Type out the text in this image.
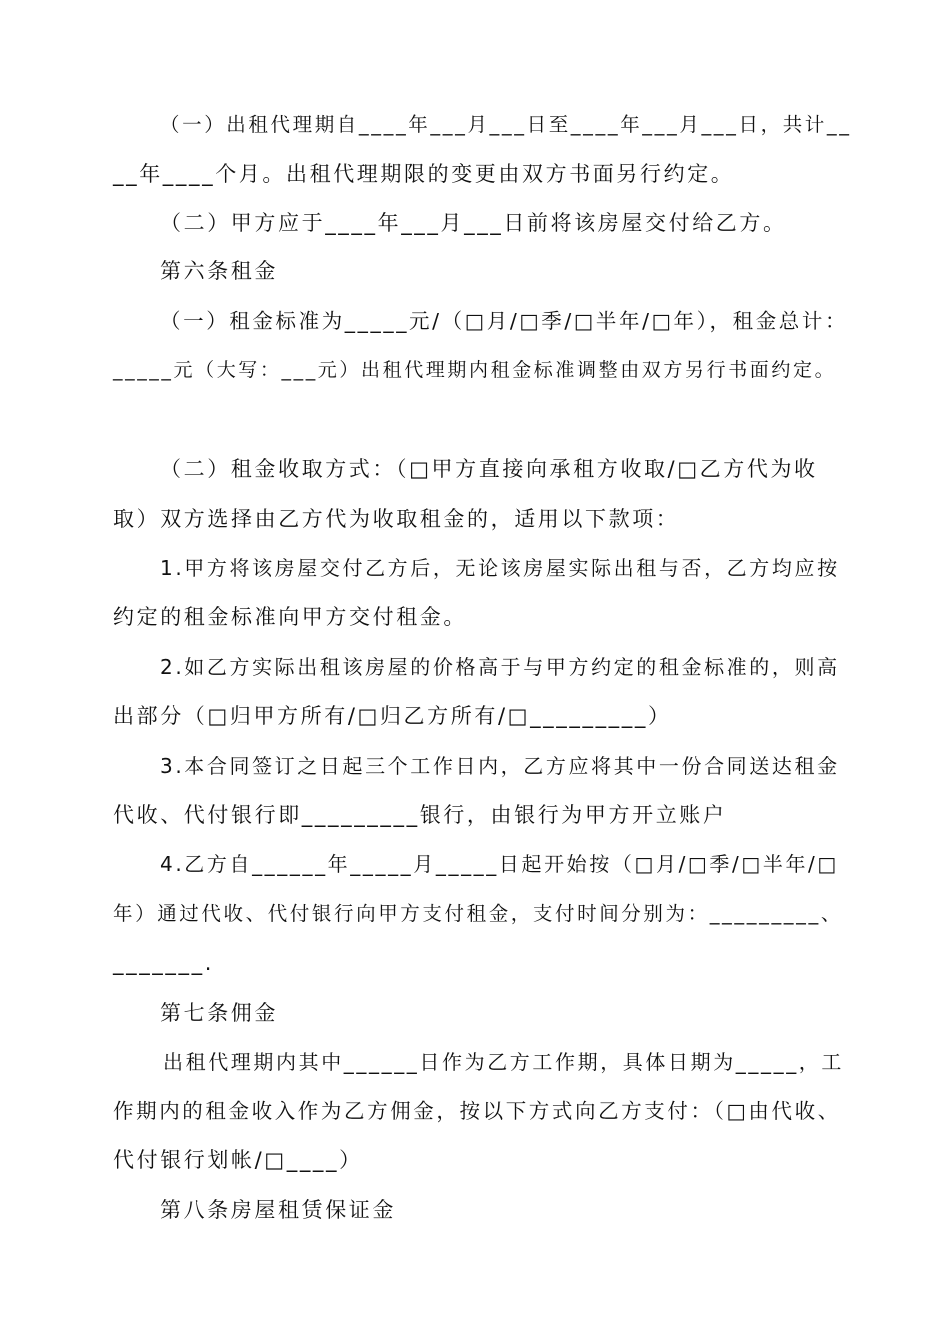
（一）出租代理期自____年___月___日至____年___月___日，共计__
__年____个月。出租代理期限的变更由双方书面另行约定。
（二）甲方应于____年___月___日前将该房屋交付给乙方。
第六条租金
（一）租金标准为_____元/（□月/□季/□半年/□年），租金总计：
_____元（大写：___元）出租代理期内租金标准调整由双方另行书面约定。
（二）租金收取方式：（□甲方直接向承租方收取/□乙方代为收
取）双方选择由乙方代为收取租金的，适用以下款项：
1.甲方将该房屋交付乙方后，无论该房屋实际出租与否，乙方均应按
约定的租金标准向甲方交付租金。
2.如乙方实际出租该房屋的价格高于与甲方约定的租金标准的，则高
出部分（□归甲方所有/□归乙方所有/□_________）
3.本合同签订之日起三个工作日内，乙方应将其中一份合同送达租金
代收、代付银行即_________银行，由银行为甲方开立账户
4.乙方自______年_____月_____日起开始按（□月/□季/□半年/□
年）通过代收、代付银行向甲方支付租金，支付时间分别为：_________、
_______.
第七条佣金
出租代理期内其中______日作为乙方工作期，具体日期为_____，工
作期内的租金收入作为乙方佣金，按以下方式向乙方支付：（□由代收、
代付银行划帐/□____）
第八条房屋租赁保证金
